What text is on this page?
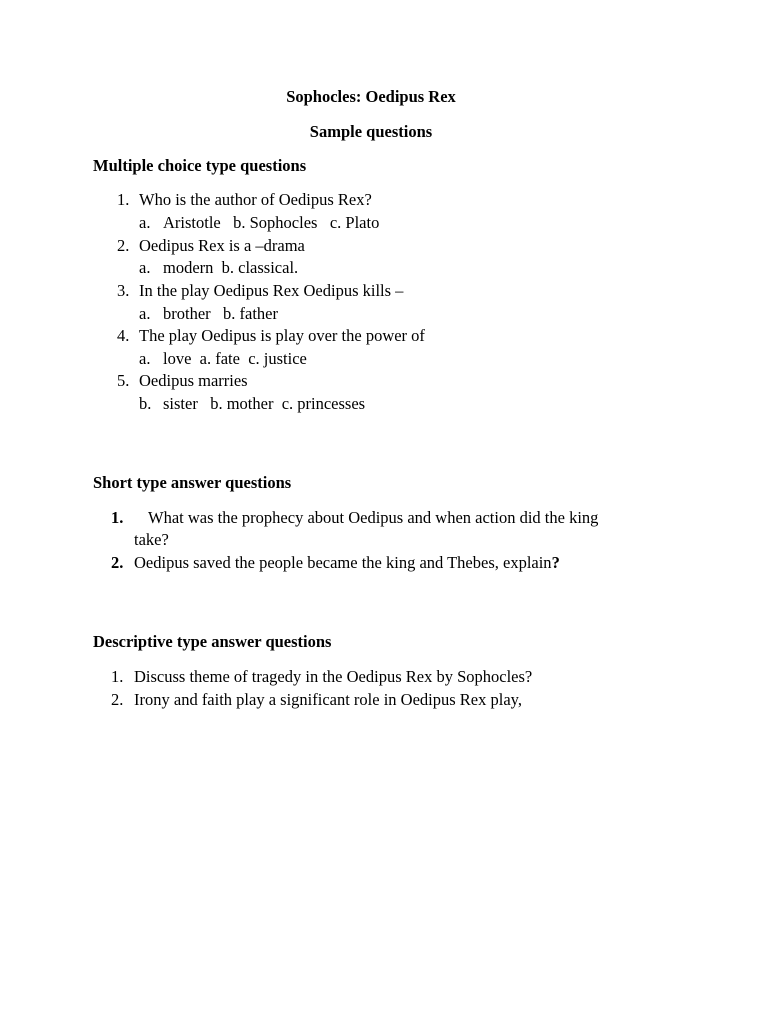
Sophocles: Oedipus Rex
Sample questions
Multiple choice type questions
1. Who is the author of Oedipus Rex?
a. Aristotle   b. Sophocles   c. Plato
2. Oedipus Rex is a –drama
a. modern  b. classical.
3. In the play Oedipus Rex Oedipus kills –
a. brother   b. father
4. The play Oedipus is play over the power of
a. love  a. fate  c. justice
5. Oedipus marries
b. sister   b. mother  c. princesses
Short type answer questions
1. What was the prophecy about Oedipus and when action did the king
take?
2. Oedipus saved the people became the king and Thebes, explain?
Descriptive type answer questions
1. Discuss theme of tragedy in the Oedipus Rex by Sophocles?
2. Irony and faith play a significant role in Oedipus Rex play,
